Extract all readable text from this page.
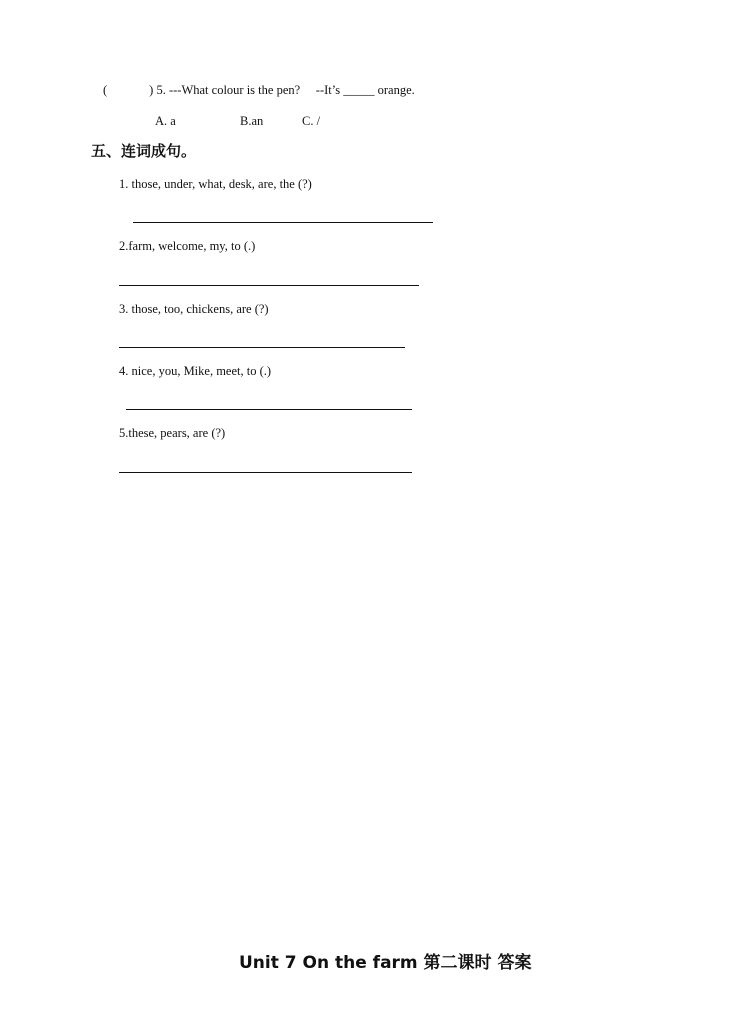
(	) 5. ---What colour is the pen? --It’s _____ orange.
A. a	B.an	C. /
五、连词成句。
1. those, under, what, desk, are, the (?)
2.farm, welcome, my, to (.)
3. those, too, chickens, are (?)
4. nice, you, Mike, meet, to (.)
5.these, pears, are (?)
Unit 7 On the farm 第二课时 答案
